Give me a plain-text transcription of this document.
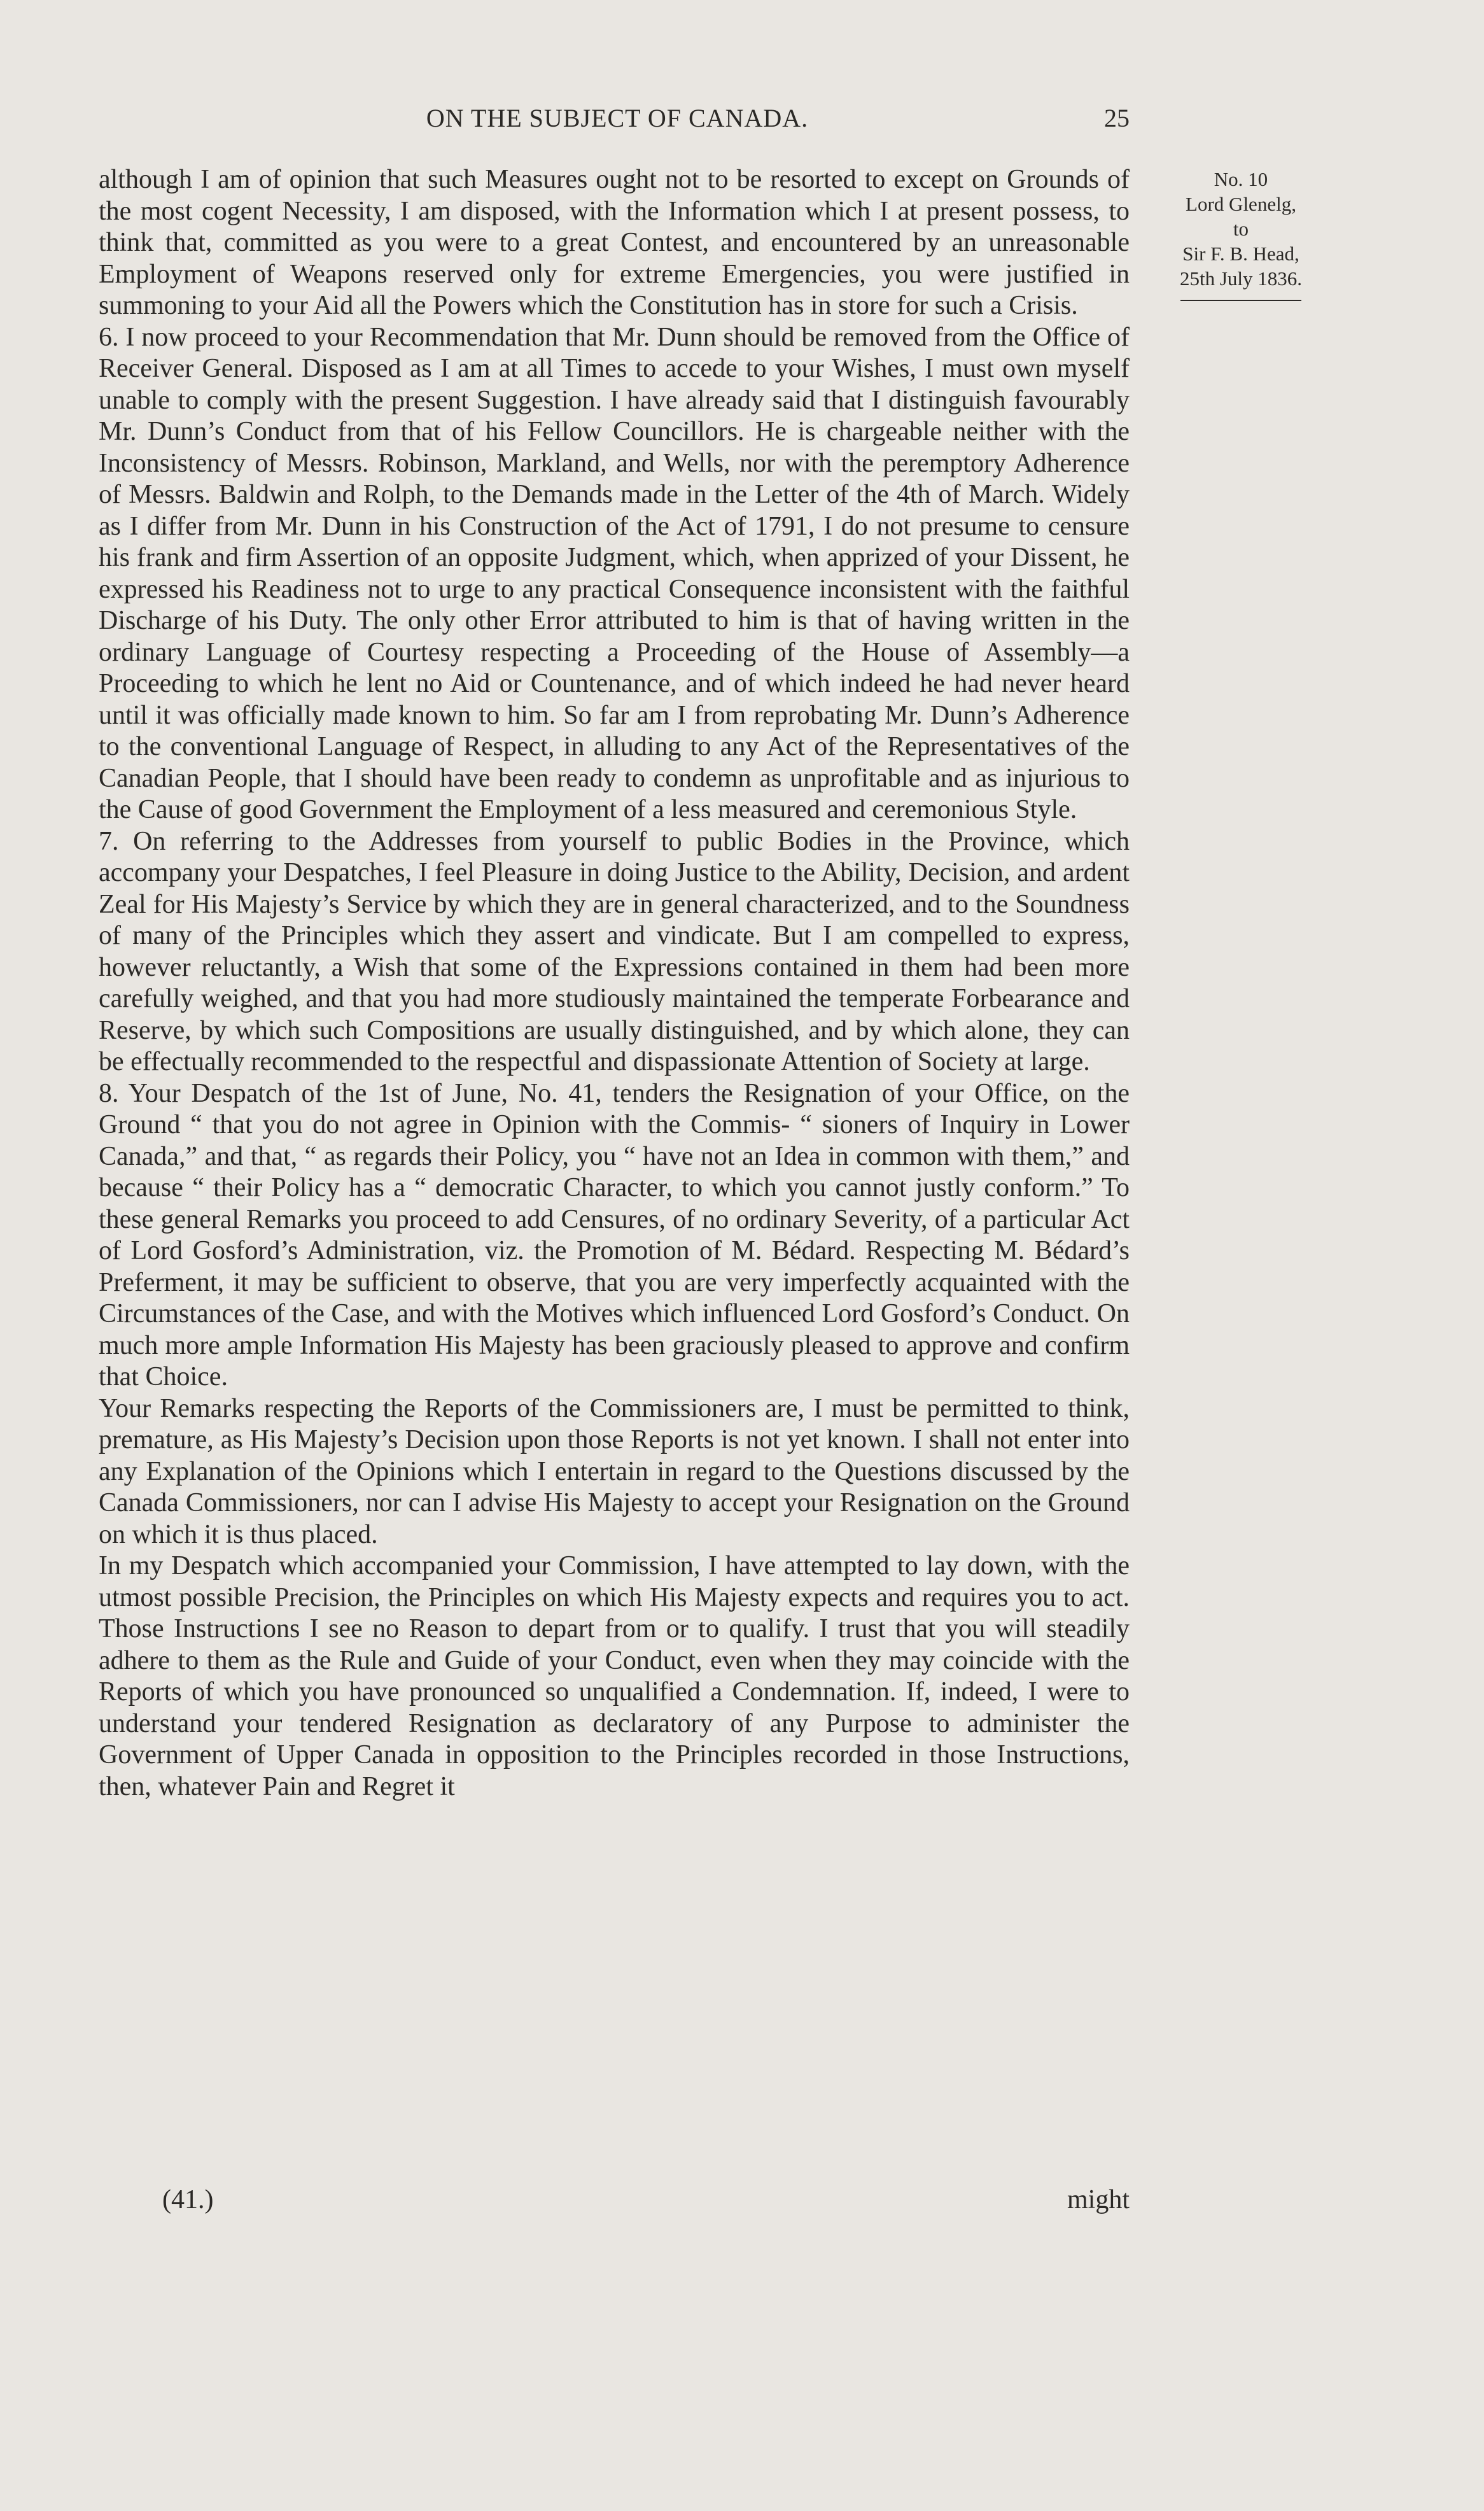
ON THE SUBJECT OF CANADA.	25
No. 10
Lord Glenelg,
to
Sir F. B. Head,
25th July 1836.

although I am of opinion that such Measures ought not to be resorted to except on Grounds of the most cogent Necessity, I am disposed, with the Information which I at present possess, to think that, committed as you were to a great Contest, and encountered by an unreasonable Employment of Weapons reserved only for extreme Emergencies, you were justified in summoning to your Aid all the Powers which the Constitution has in store for such a Crisis.

6. I now proceed to your Recommendation that Mr. Dunn should be removed from the Office of Receiver General. Disposed as I am at all Times to accede to your Wishes, I must own myself unable to comply with the present Suggestion. I have already said that I distinguish favourably Mr. Dunn’s Conduct from that of his Fellow Councillors. He is chargeable neither with the Inconsistency of Messrs. Robinson, Markland, and Wells, nor with the peremptory Adherence of Messrs. Baldwin and Rolph, to the Demands made in the Letter of the 4th of March. Widely as I differ from Mr. Dunn in his Construction of the Act of 1791, I do not presume to censure his frank and firm Assertion of an opposite Judgment, which, when apprized of your Dissent, he expressed his Readiness not to urge to any practical Consequence inconsistent with the faithful Discharge of his Duty. The only other Error attributed to him is that of having written in the ordinary Language of Courtesy respecting a Proceeding of the House of Assembly—a Proceeding to which he lent no Aid or Countenance, and of which indeed he had never heard until it was officially made known to him. So far am I from reprobating Mr. Dunn’s Adherence to the conventional Language of Respect, in alluding to any Act of the Representatives of the Canadian People, that I should have been ready to condemn as unprofitable and as injurious to the Cause of good Government the Employment of a less measured and ceremonious Style.

7. On referring to the Addresses from yourself to public Bodies in the Province, which accompany your Despatches, I feel Pleasure in doing Justice to the Ability, Decision, and ardent Zeal for His Majesty’s Service by which they are in general characterized, and to the Soundness of many of the Principles which they assert and vindicate. But I am compelled to express, however reluctantly, a Wish that some of the Expressions contained in them had been more carefully weighed, and that you had more studiously maintained the temperate Forbearance and Reserve, by which such Compositions are usually distinguished, and by which alone, they can be effectually recommended to the respectful and dispassionate Attention of Society at large.

8. Your Despatch of the 1st of June, No. 41, tenders the Resignation of your Office, on the Ground “ that you do not agree in Opinion with the Commis- “ sioners of Inquiry in Lower Canada,” and that, “ as regards their Policy, you “ have not an Idea in common with them,” and because “ their Policy has a “ democratic Character, to which you cannot justly conform.” To these general Remarks you proceed to add Censures, of no ordinary Severity, of a particular Act of Lord Gosford’s Administration, viz. the Promotion of M. Bédard. Respecting M. Bédard’s Preferment, it may be sufficient to observe, that you are very imperfectly acquainted with the Circumstances of the Case, and with the Motives which influenced Lord Gosford’s Conduct. On much more ample Information His Majesty has been graciously pleased to approve and confirm that Choice.

Your Remarks respecting the Reports of the Commissioners are, I must be permitted to think, premature, as His Majesty’s Decision upon those Reports is not yet known. I shall not enter into any Explanation of the Opinions which I entertain in regard to the Questions discussed by the Canada Commissioners, nor can I advise His Majesty to accept your Resignation on the Ground on which it is thus placed.

In my Despatch which accompanied your Commission, I have attempted to lay down, with the utmost possible Precision, the Principles on which His Majesty expects and requires you to act. Those Instructions I see no Reason to depart from or to qualify. I trust that you will steadily adhere to them as the Rule and Guide of your Conduct, even when they may coincide with the Reports of which you have pronounced so unqualified a Condemnation. If, indeed, I were to understand your tendered Resignation as declaratory of any Purpose to administer the Government of Upper Canada in opposition to the Principles recorded in those Instructions, then, whatever Pain and Regret it

(41.)	might
